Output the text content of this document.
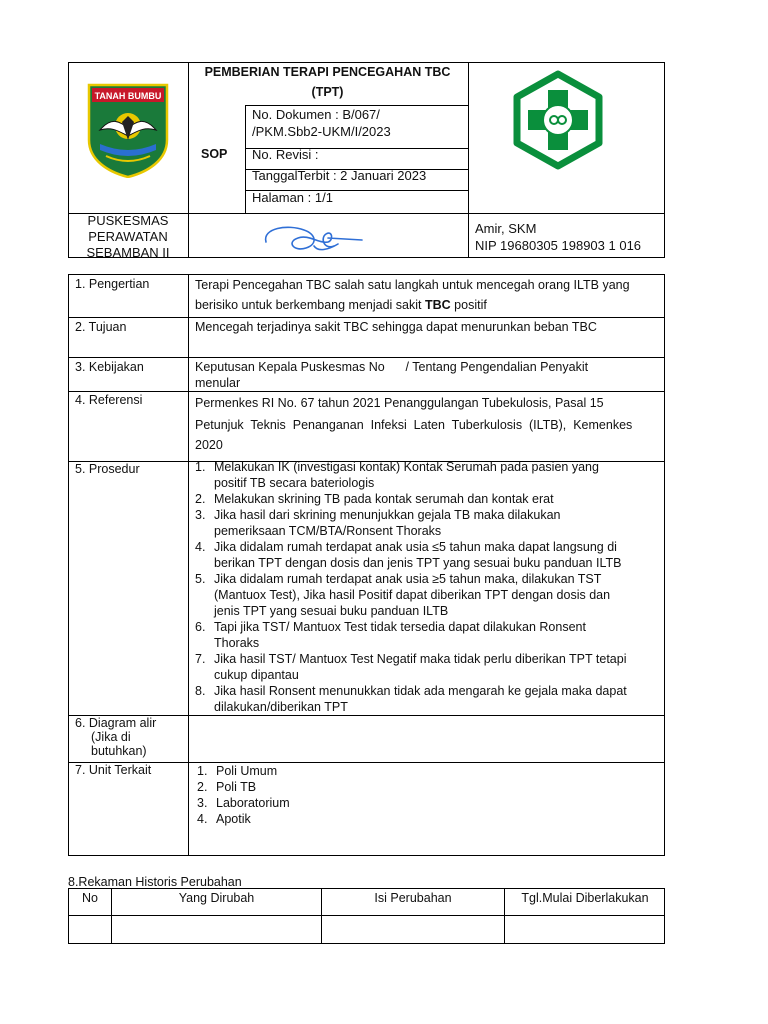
TANAH BUMBU
PEMBERIAN TERAPI PENCEGAHAN TBC
(TPT)
SOP
No. Dokumen : B/067/
/PKM.Sbb2-UKM/I/2023
No. Revisi :
TanggalTerbit : 2 Januari 2023
Halaman : 1/1
PUSKESMAS
PERAWATAN
SEBAMBAN II
Amir, SKM
NIP 19680305 198903 1 016
1. Pengertian	Terapi Pencegahan TBC salah satu langkah untuk mencegah orang ILTB yang
berisiko untuk berkembang menjadi sakit TBC positif
2. Tujuan	Mencegah terjadinya sakit TBC sehingga dapat menurunkan beban TBC
3. Kebijakan	Keputusan Kepala Puskesmas No      / Tentang Pengendalian Penyakit
menular
4. Referensi	Permenkes RI No. 67 tahun 2021 Penanggulangan Tubekulosis, Pasal 15
Petunjuk  Teknis  Penanganan  Infeksi  Laten  Tuberkulosis  (ILTB),  Kemenkes
2020
5. Prosedur	1. Melakukan IK (investigasi kontak) Kontak Serumah pada pasien yang
positif TB secara bateriologis
2. Melakukan skrining TB pada kontak serumah dan kontak erat
3. Jika hasil dari skrining menunjukkan gejala TB maka dilakukan
pemeriksaan TCM/BTA/Ronsent Thoraks
4. Jika didalam rumah terdapat anak usia ≤5 tahun maka dapat langsung di
berikan TPT dengan dosis dan jenis TPT yang sesuai buku panduan ILTB
5. Jika didalam rumah terdapat anak usia ≥5 tahun maka, dilakukan TST
(Mantuox Test), Jika hasil Positif dapat diberikan TPT dengan dosis dan
jenis TPT yang sesuai buku panduan ILTB
6. Tapi jika TST/ Mantuox Test tidak tersedia dapat dilakukan Ronsent
Thoraks
7. Jika hasil TST/ Mantuox Test Negatif maka tidak perlu diberikan TPT tetapi
cukup dipantau
8. Jika hasil Ronsent menunukkan tidak ada mengarah ke gejala maka dapat
dilakukan/diberikan TPT
6. Diagram alir
(Jika di
butuhkan)
7. Unit Terkait	1. Poli Umum
2. Poli TB
3. Laboratorium
4. Apotik
8.Rekaman Historis Perubahan
No	Yang Dirubah	Isi Perubahan	Tgl.Mulai Diberlakukan
